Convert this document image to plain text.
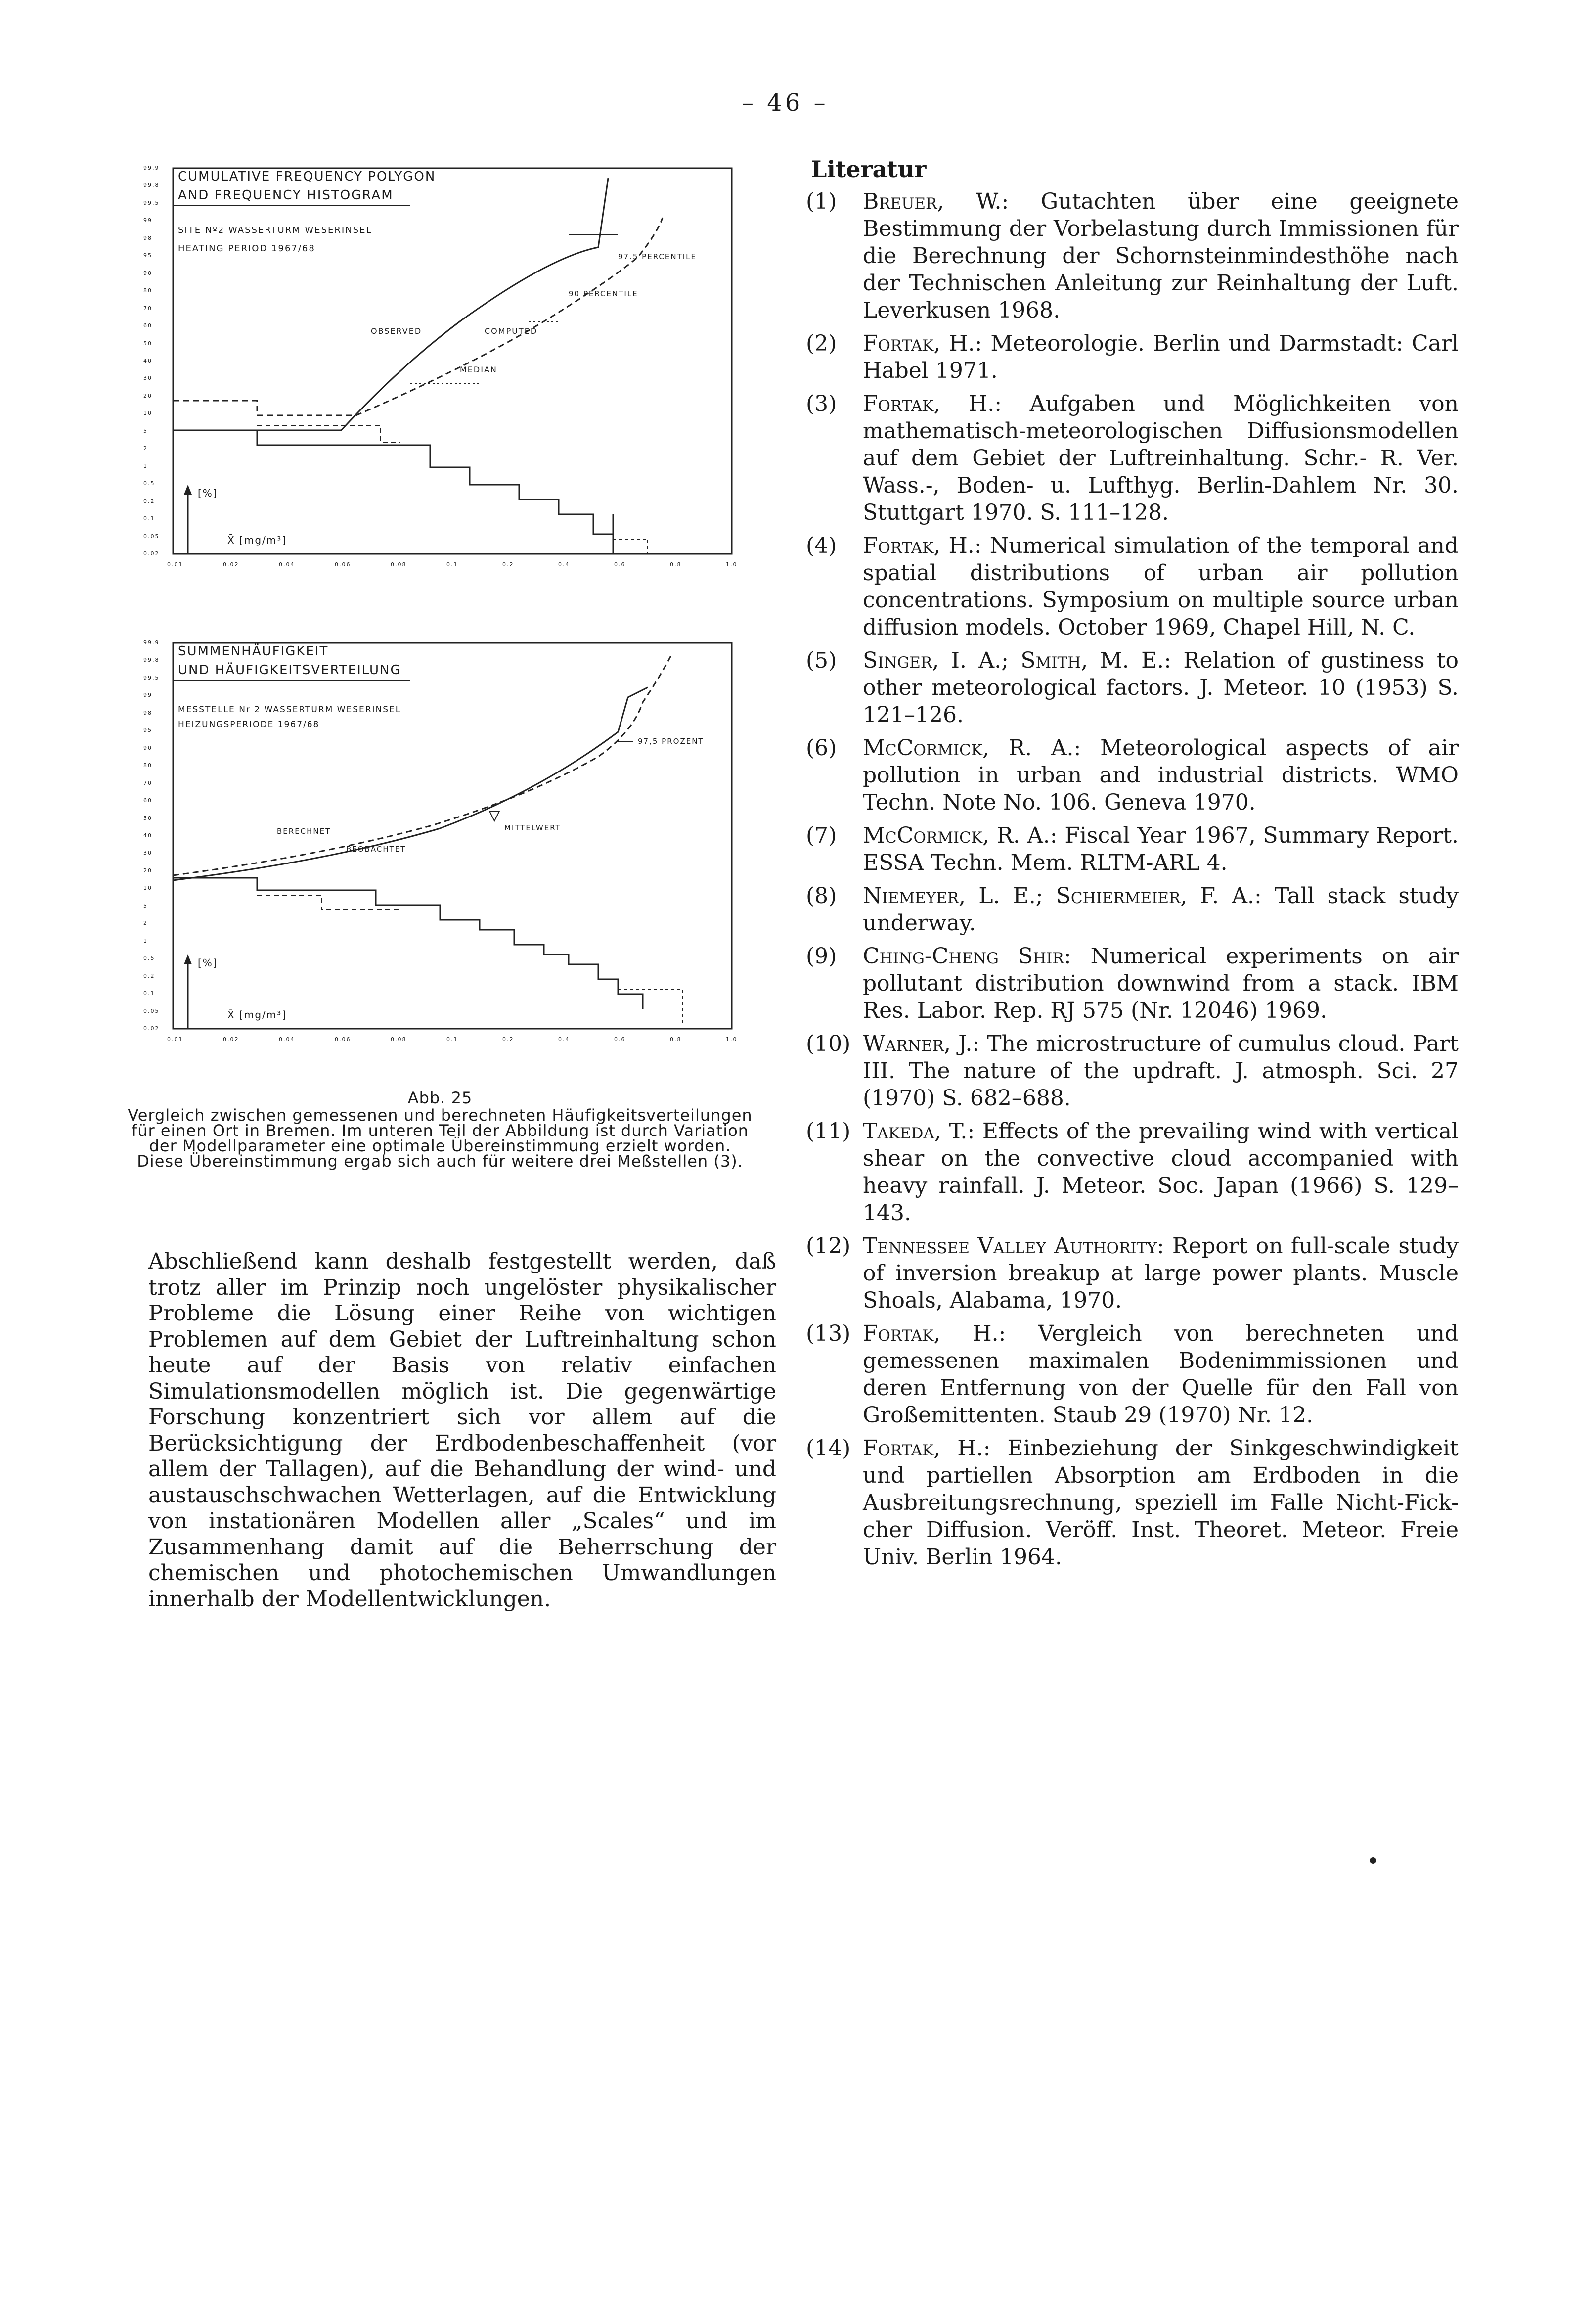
– 46 –
CUMULATIVE FREQUENCY POLYGON
AND FREQUENCY HISTOGRAM
SITE Nº2 WASSERTURM WESERINSEL
HEATING PERIOD 1967/68
OBSERVED	COMPUTED
MEDIAN
97.5 PERCENTILE
90 PERCENTILE
[%]
X̄ [mg/m³]
0.01	0.02	0.04	0.06	0.08	0.1	0.2	0.4	0.6	0.8	1.0
99.9
99.8
99.5
99
98
95
90
80
70
60
50
40
30
20
10
5
2
1
0.5
0.2
0.1
0.05
0.02
SUMMENHÄUFIGKEIT
UND HÄUFIGKEITSVERTEILUNG
MESSTELLE Nr 2 WASSERTURM WESERINSEL
HEIZUNGSPERIODE 1967/68
BERECHNET
BEOBACHTET
MITTELWERT
97,5 PROZENT
[%]
X̄ [mg/m³]
0.01	0.02	0.04	0.06	0.08	0.1	0.2	0.4	0.6	0.8	1.0
99.9
99.8
99.5
99
98
95
90
80
70
60
50
40
30
20
10
5
2
1
0.5
0.2
0.1
0.05
0.02
Abb. 25
Vergleich zwischen gemessenen und berechneten Häufigkeitsverteilungen für einen Ort in Bremen. Im unteren Teil der Abbildung ist durch Variation der Modellparameter eine optimale Übereinstimmung erzielt worden. Diese Übereinstimmung ergab sich auch für weitere drei Meßstellen (3).
Abschließend kann deshalb festgestellt werden, daß trotz aller im Prinzip noch ungelöster physikalischer Probleme die Lösung einer Reihe von wichtigen Problemen auf dem Gebiet der Luftreinhaltung schon heute auf der Basis von relativ einfachen Simulationsmodellen möglich ist. Die gegenwärtige Forschung konzentriert sich vor allem auf die Berücksichtigung der Erdbodenbeschaffenheit (vor allem der Tallagen), auf die Behandlung der wind- und austauschschwachen Wetterlagen, auf die Entwicklung von instationären Modellen aller „Scales“ und im Zusammenhang damit auf die Beherrschung der chemischen und photochemischen Umwandlungen innerhalb der Modellentwicklungen.
Literatur
(1)	Breuer, W.: Gutachten über eine geeignete Bestimmung der Vorbelastung durch Immissionen für die Berechnung der Schornsteinmindesthöhe nach der Technischen Anleitung zur Reinhaltung der Luft. Leverkusen 1968.
(2)	Fortak, H.: Meteorologie. Berlin und Darmstadt: Carl Habel 1971.
(3)	Fortak, H.: Aufgaben und Möglichkeiten von mathematisch-meteorologischen Diffusionsmodellen auf dem Gebiet der Luftreinhaltung. Schr.- R. Ver. Wass.-, Boden- u. Lufthyg. Berlin-Dahlem Nr. 30. Stuttgart 1970. S. 111–128.
(4)	Fortak, H.: Numerical simulation of the temporal and spatial distributions of urban air pollution concentrations. Symposium on multiple source urban diffusion models. October 1969, Chapel Hill, N. C.
(5)	Singer, I. A.; Smith, M. E.: Relation of gustiness to other meteorological factors. J. Meteor. 10 (1953) S. 121–126.
(6)	McCormick, R. A.: Meteorological aspects of air pollution in urban and industrial districts. WMO Techn. Note No. 106. Geneva 1970.
(7)	McCormick, R. A.: Fiscal Year 1967, Summary Report. ESSA Techn. Mem. RLTM-ARL 4.
(8)	Niemeyer, L. E.; Schiermeier, F. A.: Tall stack study underway.
(9)	Ching-Cheng Shir: Numerical experiments on air pollutant distribution downwind from a stack. IBM Res. Labor. Rep. RJ 575 (Nr. 12046) 1969.
(10) Warner, J.: The microstructure of cumulus cloud. Part III. The nature of the updraft. J. atmosph. Sci. 27 (1970) S. 682–688.
(11) Takeda, T.: Effects of the prevailing wind with vertical shear on the convective cloud accompanied with heavy rainfall. J. Meteor. Soc. Japan (1966) S. 129–143.
(12) Tennessee Valley Authority: Report on full-scale study of inversion breakup at large power plants. Muscle Shoals, Alabama, 1970.
(13) Fortak, H.: Vergleich von berechneten und gemessenen maximalen Bodenimmissionen und deren Entfernung von der Quelle für den Fall von Großemittenten. Staub 29 (1970) Nr. 12.
(14) Fortak, H.: Einbeziehung der Sinkgeschwindigkeit und partiellen Absorption am Erdboden in die Ausbreitungsrechnung, speziell im Falle Nicht-Fick-cher Diffusion. Veröff. Inst. Theoret. Meteor. Freie Univ. Berlin 1964.
